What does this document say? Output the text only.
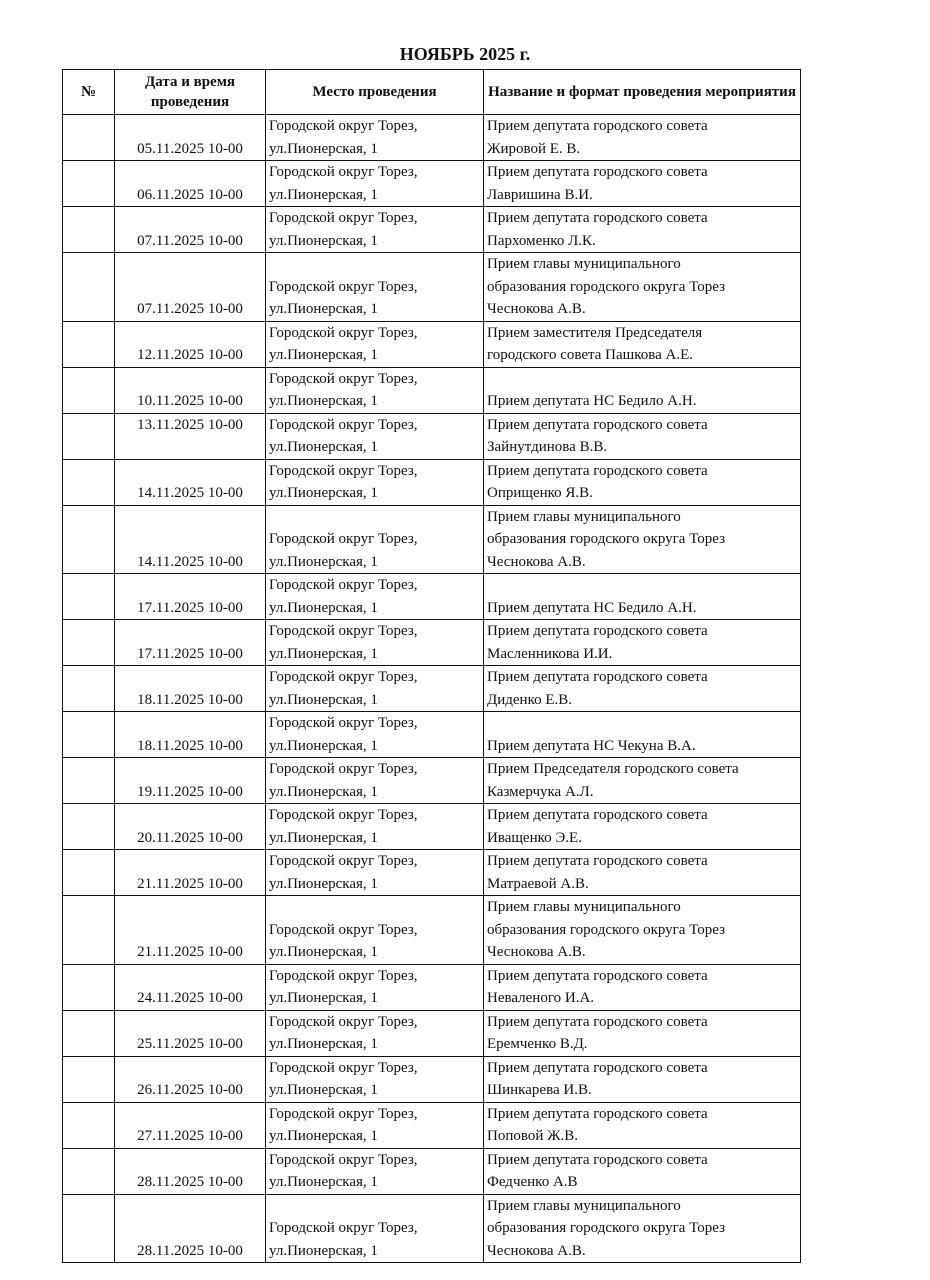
НОЯБРЬ 2025 г.
№	Дата и время проведения	Место проведения	Название и формат проведения мероприятия
	05.11.2025 10-00	Городской округ Торез,
ул.Пионерская, 1	Прием депутата городского совета
Жировой Е. В.

	06.11.2025 10-00	Городской округ Торез,
ул.Пионерская, 1	Прием депутата городского совета
Лавришина В.И.

	07.11.2025 10-00	Городской округ Торез,
ул.Пионерская, 1	Прием депутата городского совета
Пархоменко Л.К.

	07.11.2025 10-00	Городской округ Торез,
ул.Пионерская, 1	Прием главы муниципального
образования городского округа Торез
Чеснокова А.В.

	12.11.2025 10-00	Городской округ Торез,
ул.Пионерская, 1	Прием заместителя Председателя
городского совета Пашкова А.Е.

	10.11.2025 10-00	Городской округ Торез,
ул.Пионерская, 1	Прием депутата НС Бедило А.Н.

	13.11.2025 10-00	Городской округ Торез,
ул.Пионерская, 1	Прием депутата городского совета
Зайнутдинова В.В.

	14.11.2025 10-00	Городской округ Торез,
ул.Пионерская, 1	Прием депутата городского совета
Оприщенко Я.В.

	14.11.2025 10-00	Городской округ Торез,
ул.Пионерская, 1	Прием главы муниципального
образования городского округа Торез
Чеснокова А.В.

	17.11.2025 10-00	Городской округ Торез,
ул.Пионерская, 1	Прием депутата НС Бедило А.Н.

	17.11.2025 10-00	Городской округ Торез,
ул.Пионерская, 1	Прием депутата городского совета
Масленникова И.И.

	18.11.2025 10-00	Городской округ Торез,
ул.Пионерская, 1	Прием депутата городского совета
Диденко Е.В.

	18.11.2025 10-00	Городской округ Торез,
ул.Пионерская, 1	Прием депутата НС Чекуна В.А.

	19.11.2025 10-00	Городской округ Торез,
ул.Пионерская, 1	Прием Председателя городского совета
Казмерчука А.Л.

	20.11.2025 10-00	Городской округ Торез,
ул.Пионерская, 1	Прием депутата городского совета
Иващенко Э.Е.

	21.11.2025 10-00	Городской округ Торез,
ул.Пионерская, 1	Прием депутата городского совета
Матраевой А.В.

	21.11.2025 10-00	Городской округ Торез,
ул.Пионерская, 1	Прием главы муниципального
образования городского округа Торез
Чеснокова А.В.

	24.11.2025 10-00	Городской округ Торез,
ул.Пионерская, 1	Прием депутата городского совета
Неваленого И.А.

	25.11.2025 10-00	Городской округ Торез,
ул.Пионерская, 1	Прием депутата городского совета
Еремченко В.Д.

	26.11.2025 10-00	Городской округ Торез,
ул.Пионерская, 1	Прием депутата городского совета
Шинкарева И.В.

	27.11.2025 10-00	Городской округ Торез,
ул.Пионерская, 1	Прием депутата городского совета
Поповой Ж.В.

	28.11.2025 10-00	Городской округ Торез,
ул.Пионерская, 1	Прием депутата городского совета
Федченко А.В

	28.11.2025 10-00	Городской округ Торез,
ул.Пионерская, 1	Прием главы муниципального
образования городского округа Торез
Чеснокова А.В.
